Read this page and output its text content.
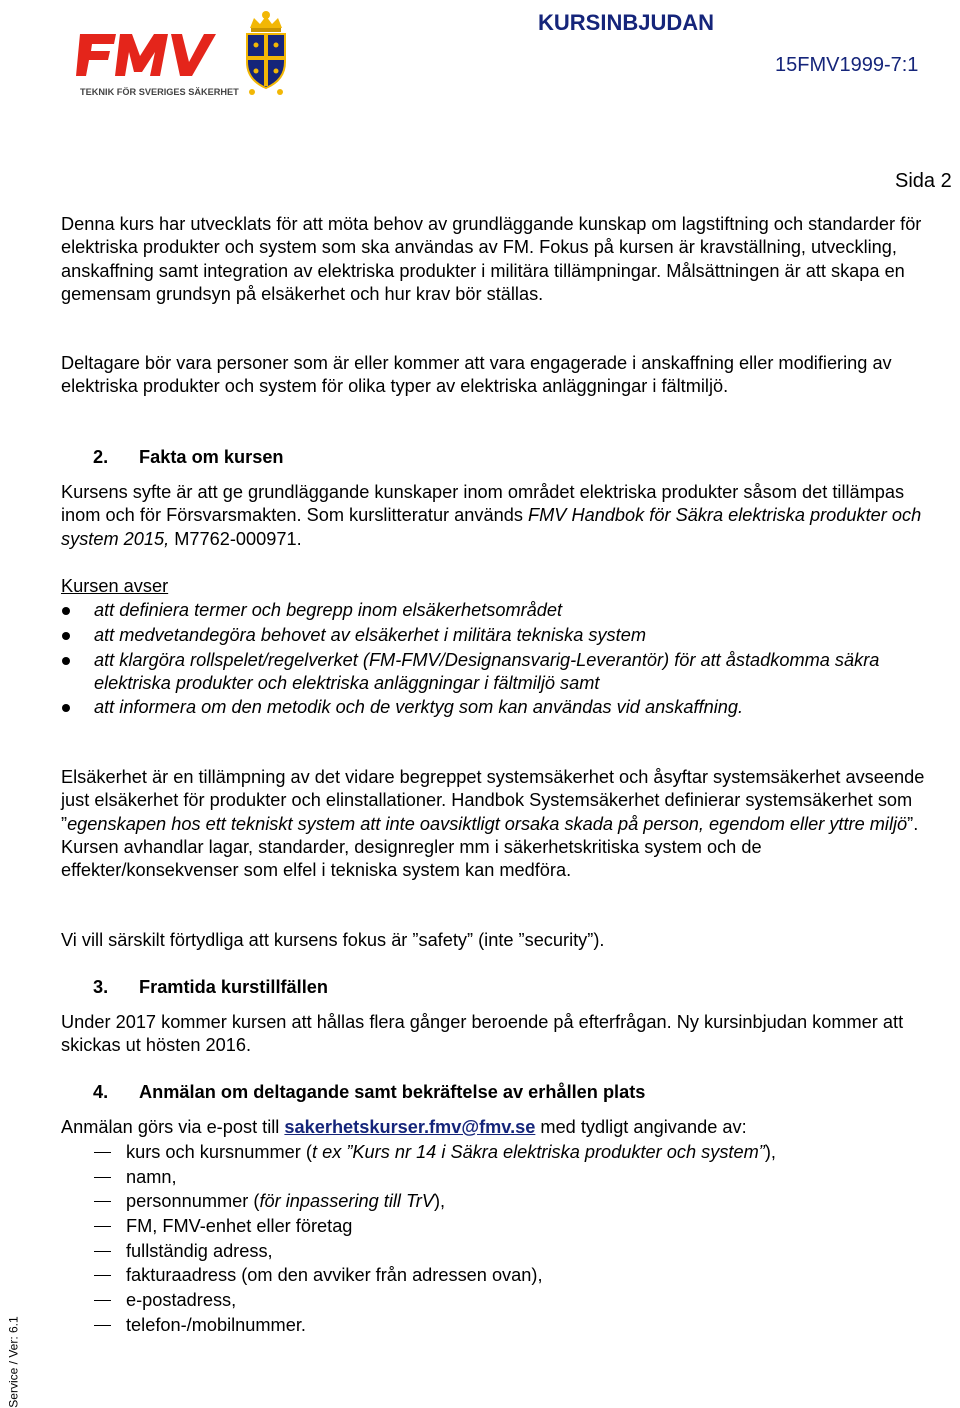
TEKNIK FÖR SVERIGES SÄKERHET
KURSINBJUDAN
15FMV1999-7:1
Sida 2

Denna kurs har utvecklats för att möta behov av grundläggande kunskap om lagstiftning och standarder för elektriska produkter och system som ska användas av FM. Fokus på kursen är kravställning, utveckling, anskaffning samt integration av elektriska produkter i militära tillämpningar. Målsättningen är att skapa en gemensam grundsyn på elsäkerhet och hur krav bör ställas.

Deltagare bör vara personer som är eller kommer att vara engagerade i anskaffning eller modifiering av elektriska produkter och system för olika typer av elektriska anläggningar i fältmiljö.

2. Fakta om kursen

Kursens syfte är att ge grundläggande kunskaper inom området elektriska produkter såsom det tillämpas inom och för Försvarsmakten. Som kurslitteratur används FMV Handbok för Säkra elektriska produkter och system 2015, M7762-000971.

Kursen avser
att definiera termer och begrepp inom elsäkerhetsområdet
att medvetandegöra behovet av elsäkerhet i militära tekniska system
att klargöra rollspelet/regelverket (FM-FMV/Designansvarig-Leverantör) för att åstadkomma säkra elektriska produkter och elektriska anläggningar i fältmiljö samt
att informera om den metodik och de verktyg som kan användas vid anskaffning.

Elsäkerhet är en tillämpning av det vidare begreppet systemsäkerhet och åsyftar systemsäkerhet avseende just elsäkerhet för produkter och elinstallationer. Handbok Systemsäkerhet definierar systemsäkerhet som ”egenskapen hos ett tekniskt system att inte oavsiktligt orsaka skada på person, egendom eller yttre miljö”. Kursen avhandlar lagar, standarder, designregler mm i säkerhetskritiska system och de effekter/konsekvenser som elfel i tekniska system kan medföra.

Vi vill särskilt förtydliga att kursens fokus är ”safety” (inte ”security”).

3. Framtida kurstillfällen

Under 2017 kommer kursen att hållas flera gånger beroende på efterfrågan. Ny kursinbjudan kommer att skickas ut hösten 2016.

4. Anmälan om deltagande samt bekräftelse av erhållen plats

Anmälan görs via e-post till sakerhetskurser.fmv@fmv.se med tydligt angivande av:

kurs och kursnummer (t ex ”Kurs nr 14 i Säkra elektriska produkter och system”),
namn,
personnummer (för inpassering till TrV),
FM, FMV-enhet eller företag
fullständig adress,
fakturaadress (om den avviker från adressen ovan),
e-postadress,
telefon-/mobilnummer.
Service / Ver: 6.1
